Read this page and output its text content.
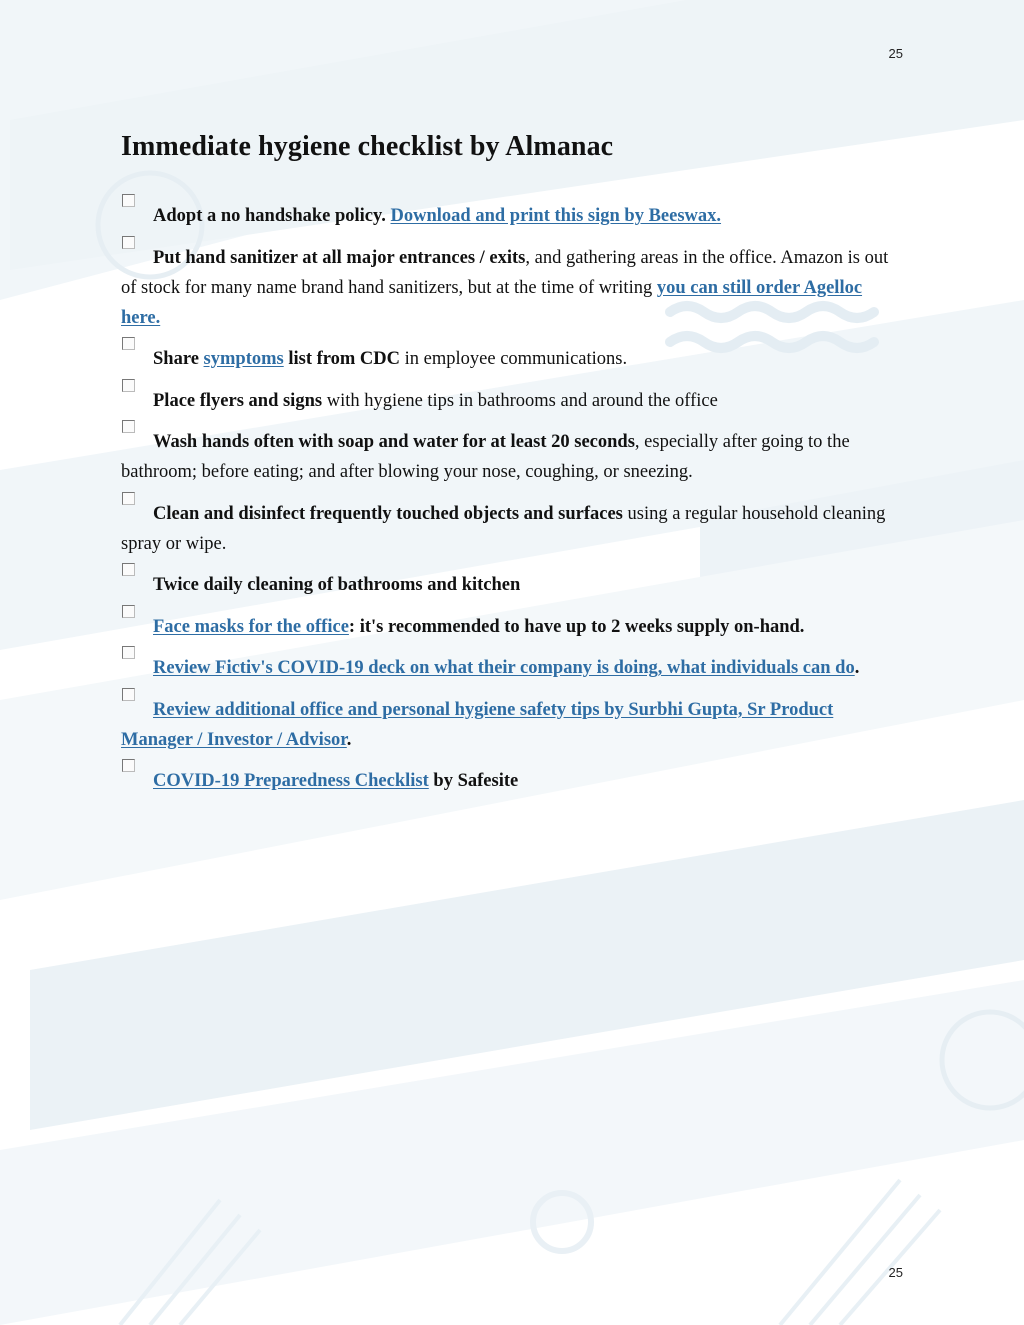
25
Immediate hygiene checklist by Almanac
Adopt a no handshake policy. Download and print this sign by Beeswax.
Put hand sanitizer at all major entrances / exits, and gathering areas in the office. Amazon is out of stock for many name brand hand sanitizers, but at the time of writing you can still order Agelloc here.
Share symptoms list from CDC in employee communications.
Place flyers and signs with hygiene tips in bathrooms and around the office
Wash hands often with soap and water for at least 20 seconds, especially after going to the bathroom; before eating; and after blowing your nose, coughing, or sneezing.
Clean and disinfect frequently touched objects and surfaces using a regular household cleaning spray or wipe.
Twice daily cleaning of bathrooms and kitchen
Face masks for the office: it's recommended to have up to 2 weeks supply on-hand.
Review Fictiv's COVID-19 deck on what their company is doing, what individuals can do.
Review additional office and personal hygiene safety tips by Surbhi Gupta, Sr Product Manager / Investor / Advisor.
COVID-19 Preparedness Checklist by Safesite
25
